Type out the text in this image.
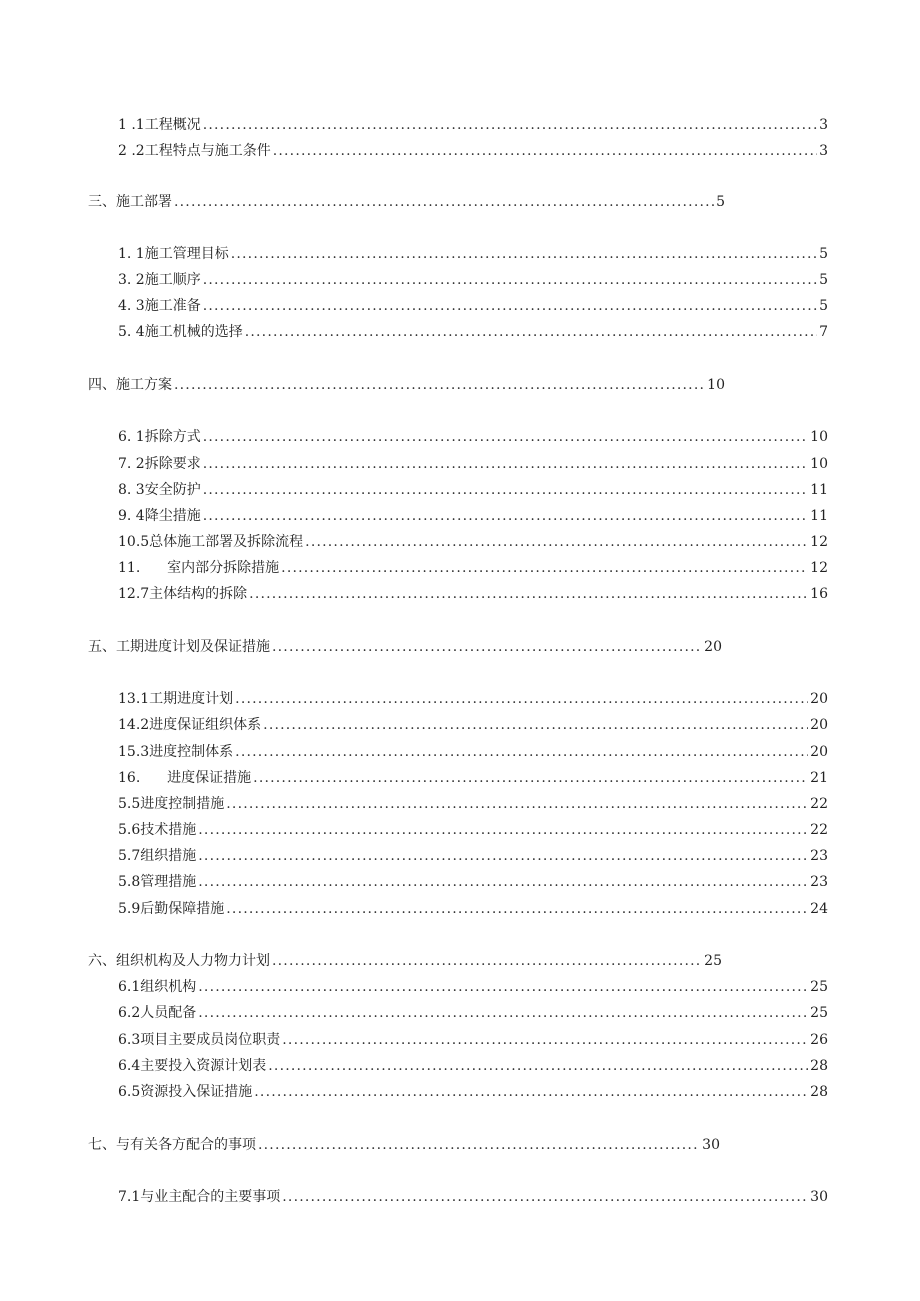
1 .1 工程概况 .....	3
2 .2 工程特点与施工条件 .....	3
三、 施工部署 .....	5
1. 1 施工管理目标 .....	5
3. 2 施工顺序 .....	5
4. 3 施工准备 .....	5
5. 4 施工机械的选择 .....	7
四、 施工方案 .....	10
6. 1 拆除方式 .....	10
7. 2 拆除要求 .....	10
8. 3 安全防护 .....	11
9. 4 降尘措施 .....	11
10.5 总体施工部署及拆除流程 .....	12
11. 室内部分拆除措施 .....	12
12.7 主体结构的拆除 .....	16
五、 工期进度计划及保证措施 .....	20
13.1 工期进度计划 .....	20
14.2 进度保证组织体系 .....	20
15.3 进度控制体系 .....	20
16. 进度保证措施 .....	21
5.5 进度控制措施 .....	22
5.6 技术措施 .....	22
5.7 组织措施 .....	23
5.8 管理措施 .....	23
5.9 后勤保障措施 .....	24
六、 组织机构及人力物力计划 .....	25
6.1 组织机构 .....	25
6.2 人员配备 .....	25
6.3 项目主要成员岗位职责 .....	26
6.4 主要投入资源计划表 .....	28
6.5 资源投入保证措施 .....	28
七、 与有关各方配合的事项 .....	30
7.1 与业主配合的主要事项 .....	30
